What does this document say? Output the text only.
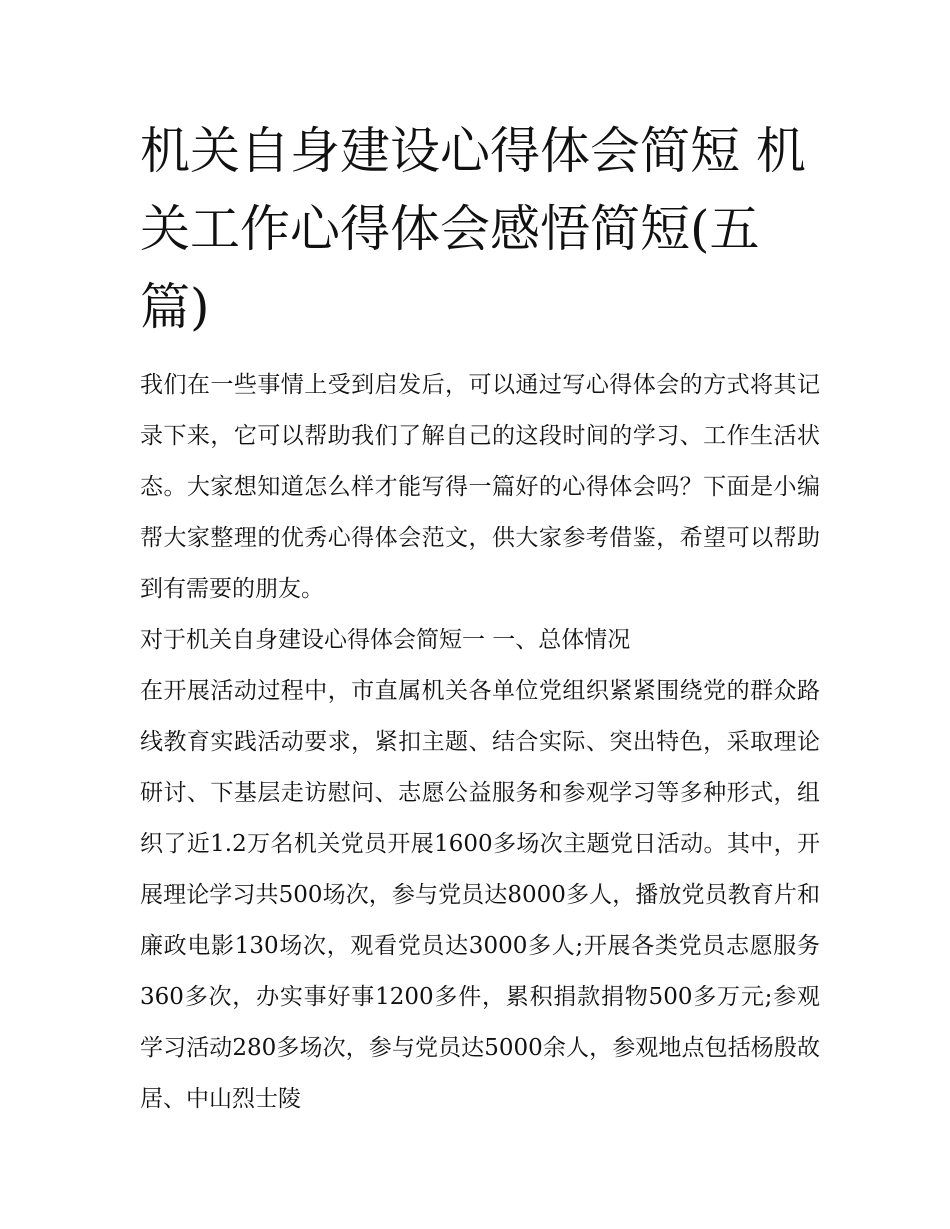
机关自身建设心得体会简短 机关工作心得体会感悟简短(五篇)

我们在一些事情上受到启发后，可以通过写心得体会的方式将其记录下来，它可以帮助我们了解自己的这段时间的学习、工作生活状态。大家想知道怎么样才能写得一篇好的心得体会吗？下面是小编帮大家整理的优秀心得体会范文，供大家参考借鉴，希望可以帮助到有需要的朋友。

对于机关自身建设心得体会简短一 一、总体情况

在开展活动过程中，市直属机关各单位党组织紧紧围绕党的群众路线教育实践活动要求，紧扣主题、结合实际、突出特色，采取理论研讨、下基层走访慰问、志愿公益服务和参观学习等多种形式，组织了近1.2万名机关党员开展1600多场次主题党日活动。其中，开展理论学习共500场次，参与党员达8000多人，播放党员教育片和廉政电影130场次，观看党员达3000多人;开展各类党员志愿服务360多次，办实事好事1200多件，累积捐款捐物500多万元;参观学习活动280多场次，参与党员达5000余人，参观地点包括杨殷故居、中山烈士陵
